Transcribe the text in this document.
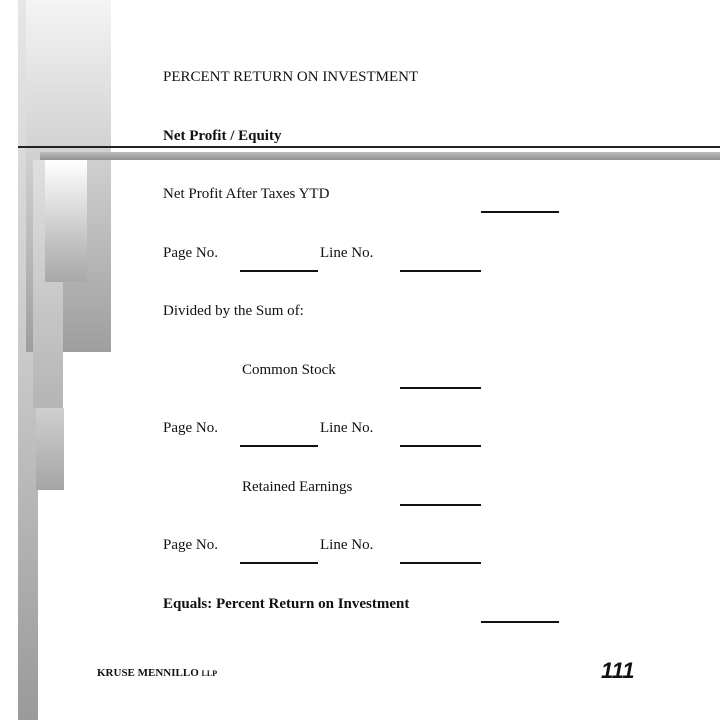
PERCENT RETURN ON INVESTMENT
Net Profit / Equity
Net Profit After Taxes YTD
Page No.	Line No.
Divided by the Sum of:
Common Stock
Page No.	Line No.
Retained Earnings
Page No.	Line No.
Equals: Percent Return on Investment
KRUSE MENNILLO LLP	111
